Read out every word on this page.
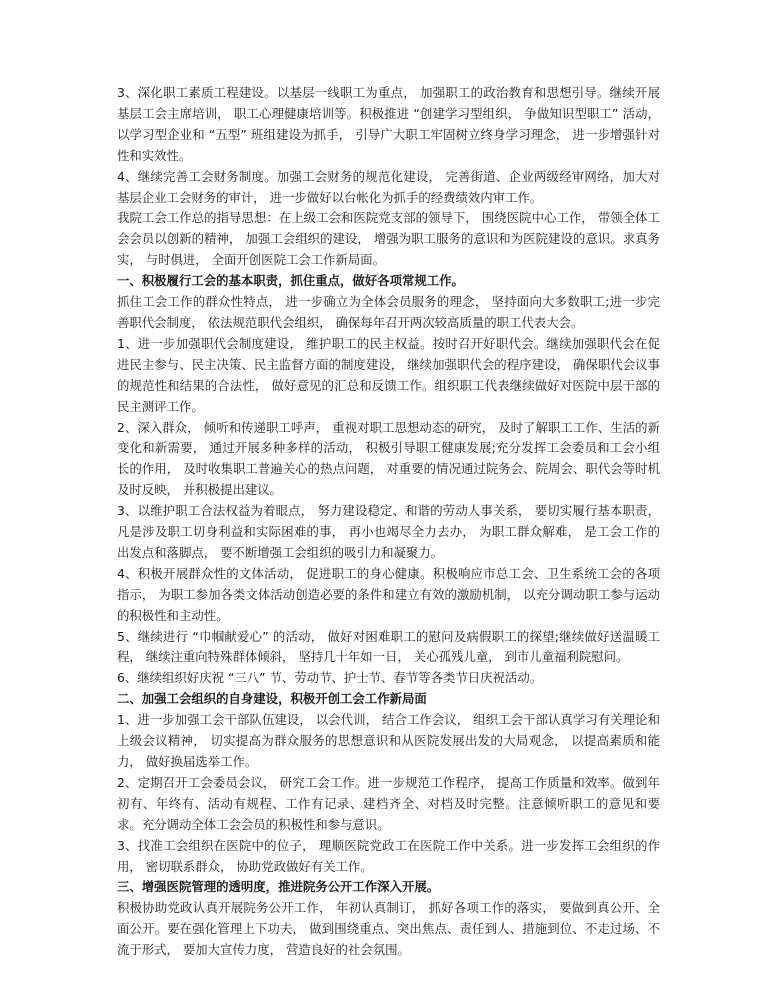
3、深化职工素质工程建设。以基层一线职工为重点， 加强职工的政治教育和思想引导。继续开展基层工会主席培训， 职工心理健康培训等。积极推进 “创建学习型组织， 争做知识型职工” 活动， 以学习型企业和 “五型” 班组建设为抓手， 引导广大职工牢固树立终身学习理念， 进一步增强针对性和实效性。

4、继续完善工会财务制度。加强工会财务的规范化建设， 完善街道、企业两级经审网络，加大对基层企业工会财务的审计， 进一步做好以台帐化为抓手的经费绩效内审工作。

我院工会工作总的指导思想：在上级工会和医院党支部的领导下， 围绕医院中心工作， 带领全体工会会员以创新的精神， 加强工会组织的建设， 增强为职工服务的意识和为医院建设的意识。求真务实， 与时俱进， 全面开创医院工会工作新局面。

一、积极履行工会的基本职责，抓住重点，做好各项常规工作。

抓住工会工作的群众性特点， 进一步确立为全体会员服务的理念， 坚持面向大多数职工;进一步完善职代会制度， 依法规范职代会组织， 确保每年召开两次较高质量的职工代表大会。

1、进一步加强职代会制度建设， 维护职工的民主权益。按时召开好职代会。继续加强职代会在促进民主参与、民主决策、民主监督方面的制度建设， 继续加强职代会的程序建设， 确保职代会议事的规范性和结果的合法性， 做好意见的汇总和反馈工作。组织职工代表继续做好对医院中层干部的民主测评工作。

2、深入群众， 倾听和传递职工呼声， 重视对职工思想动态的研究， 及时了解职工工作、生活的新变化和新需要， 通过开展多种多样的活动， 积极引导职工健康发展;充分发挥工会委员和工会小组长的作用， 及时收集职工普遍关心的热点问题， 对重要的情况通过院务会、院周会、职代会等时机及时反映， 并积极提出建议。

3、以维护职工合法权益为着眼点， 努力建设稳定、和谐的劳动人事关系， 要切实履行基本职责， 凡是涉及职工切身利益和实际困难的事， 再小也竭尽全力去办， 为职工群众解难， 是工会工作的出发点和落脚点， 要不断增强工会组织的吸引力和凝聚力。

4、积极开展群众性的文体活动， 促进职工的身心健康。积极响应市总工会、卫生系统工会的各项指示， 为职工参加各类文体活动创造必要的条件和建立有效的激励机制， 以充分调动职工参与运动的积极性和主动性。

5、继续进行 “巾帼献爱心” 的活动， 做好对困难职工的慰问及病假职工的探望;继续做好送温暖工程， 继续注重向特殊群体倾斜， 坚持几十年如一日， 关心孤残儿童， 到市儿童福利院慰问。

6、继续组织好庆祝 “三八” 节、劳动节、护士节、春节等各类节日庆祝活动。

二、加强工会组织的自身建设，积极开创工会工作新局面

1、进一步加强工会干部队伍建设， 以会代训， 结合工作会议， 组织工会干部认真学习有关理论和上级会议精神， 切实提高为群众服务的思想意识和从医院发展出发的大局观念， 以提高素质和能力， 做好换届选举工作。

2、定期召开工会委员会议， 研究工会工作。进一步规范工作程序， 提高工作质量和效率。做到年初有、年终有、活动有规程、工作有记录、建档齐全、对档及时完整。注意倾听职工的意见和要求。充分调动全体工会会员的积极性和参与意识。

3、找准工会组织在医院中的位子， 理顺医院党政工在医院工作中关系。进一步发挥工会组织的作用， 密切联系群众， 协助党政做好有关工作。

三、增强医院管理的透明度，推进院务公开工作深入开展。

积极协助党政认真开展院务公开工作， 年初认真制订， 抓好各项工作的落实， 要做到真公开、全面公开。要在强化管理上下功夫， 做到围绕重点、突出焦点、责任到人、措施到位、不走过场、不流于形式， 要加大宣传力度， 营造良好的社会氛围。
